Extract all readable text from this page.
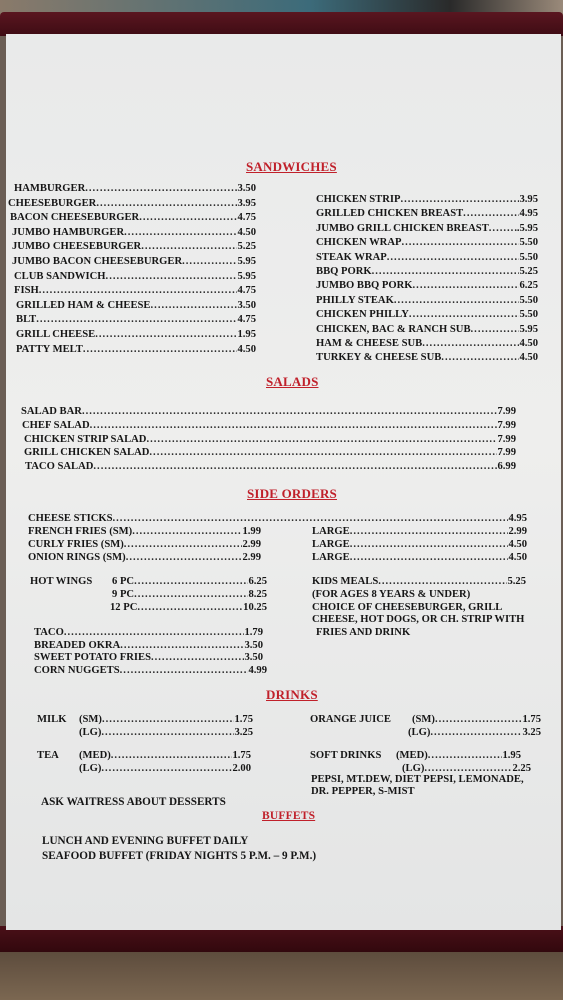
SANDWICHES
HAMBURGER .....	3.50
CHEESEBURGER .....	3.95
BACON CHEESEBURGER .....	4.75
JUMBO HAMBURGER .....	4.50
JUMBO CHEESEBURGER .....	5.25
JUMBO BACON CHEESEBURGER .....	5.95
CLUB SANDWICH .....	5.95
FISH .....	4.75
GRILLED HAM & CHEESE .....	3.50
BLT .....	4.75
GRILL CHEESE .....	1.95
PATTY MELT .....	4.50
CHICKEN STRIP .....	3.95
GRILLED CHICKEN BREAST .....	4.95
JUMBO GRILL CHICKEN BREAST .....	.5.95
CHICKEN WRAP .....	5.50
STEAK WRAP .....	5.50
BBQ PORK .....	5.25
JUMBO BBQ PORK .....	6.25
PHILLY STEAK .....	5.50
CHICKEN PHILLY .....	5.50
CHICKEN, BAC & RANCH SUB .....	5.95
HAM & CHEESE SUB .....	4.50
TURKEY & CHEESE SUB .....	4.50
SALADS
SALAD BAR .....	7.99
CHEF SALAD .....	7.99
CHICKEN STRIP SALAD .....	7.99
GRILL CHICKEN SALAD .....	7.99
TACO SALAD .....	6.99
SIDE ORDERS
CHEESE STICKS .....	4.95
FRENCH FRIES (SM) .....	1.99
CURLY FRIES (SM) .....	2.99
ONION RINGS (SM) .....	2.99
LARGE .....	2.99
LARGE .....	4.50
LARGE .....	4.50
HOT WINGS 6 PC .....	6.25
9 PC .....	8.25
12 PC .....	10.25
KIDS MEALS .....	5.25
(FOR AGES 8 YEARS & UNDER)
CHOICE OF CHEESEBURGER, GRILL
CHEESE, HOT DOGS, OR CH. STRIP WITH
FRIES AND DRINK
TACO .....	1.79
BREADED OKRA .....	3.50
SWEET POTATO FRIES .....	3.50
CORN NUGGETS .....	4.99
DRINKS
MILK	(SM) .....	1.75
(LG) .....	3.25
TEA	(MED) .....	1.75
(LG) .....	2.00
ORANGE JUICE	(SM) .....	1.75
(LG) .....	3.25
SOFT DRINKS	(MED) .....	1.95
(LG) .....	2.25
PEPSI, MT.DEW, DIET PEPSI, LEMONADE,
DR. PEPPER, S-MIST
ASK WAITRESS ABOUT DESSERTS
BUFFETS
LUNCH AND EVENING BUFFET DAILY
SEAFOOD BUFFET (FRIDAY NIGHTS 5 P.M. – 9 P.M.)
